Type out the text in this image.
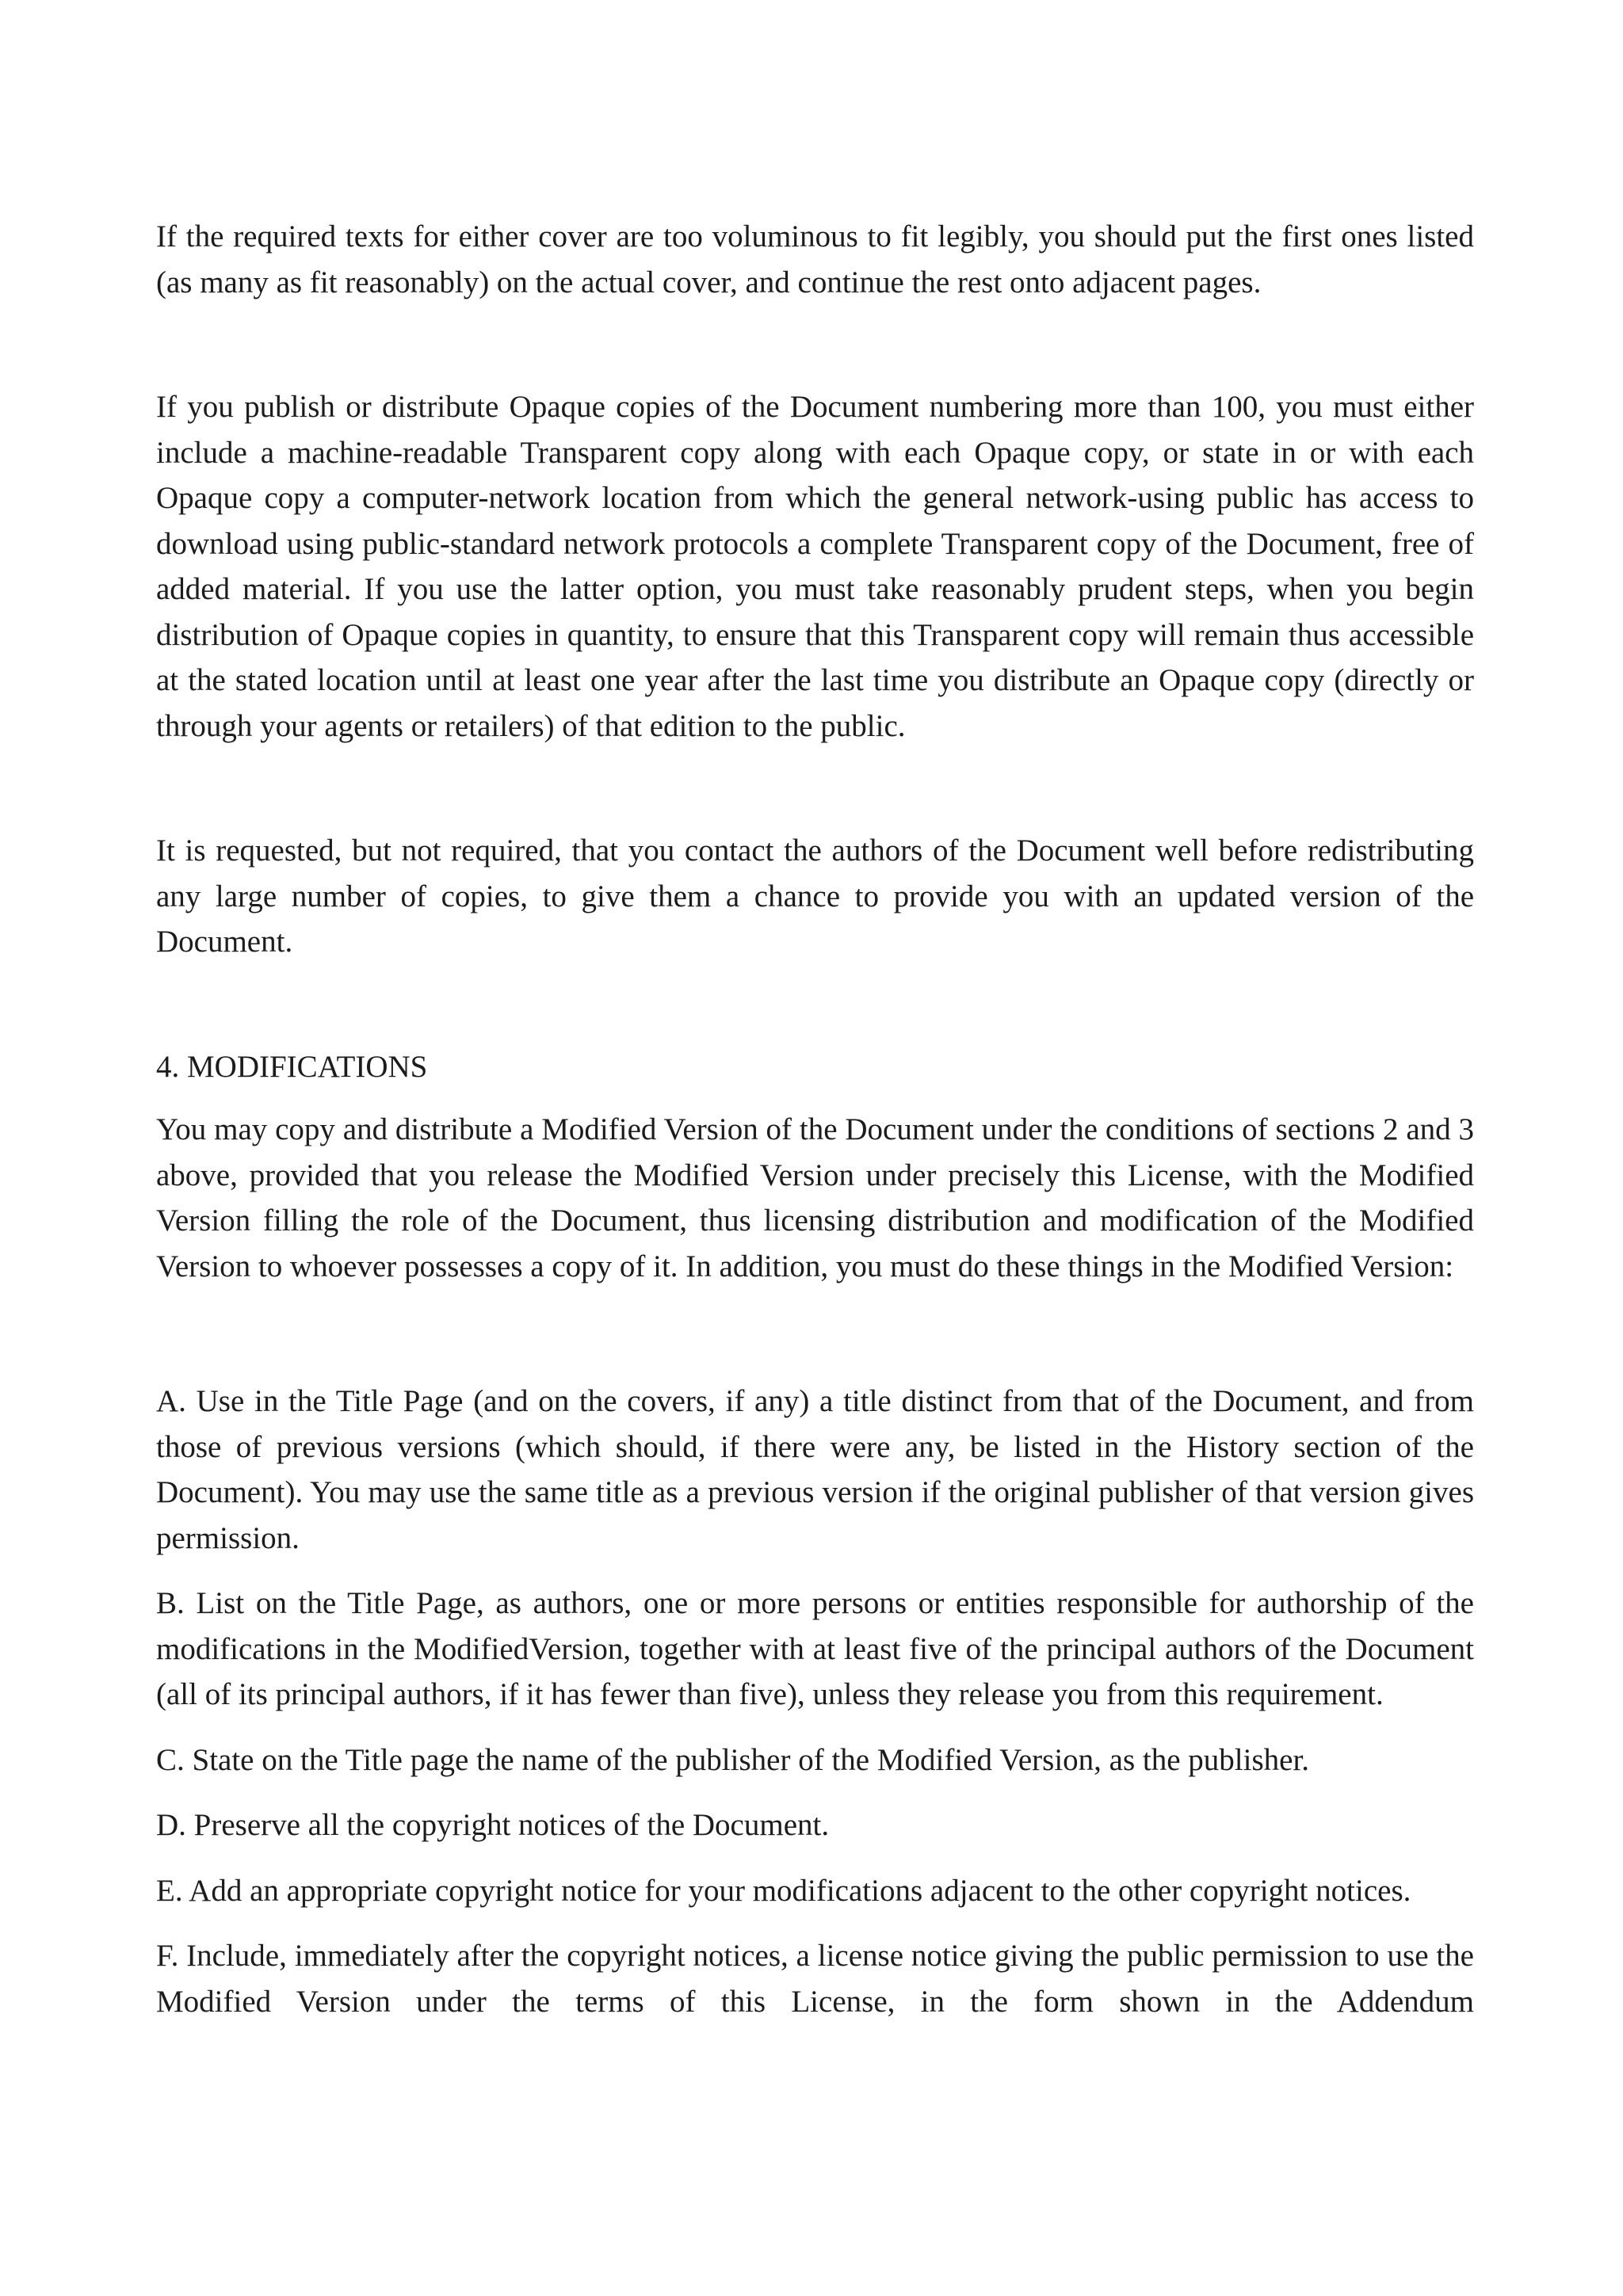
If the required texts for either cover are too voluminous to fit legibly, you should put the first ones listed (as many as fit reasonably) on the actual cover, and continue the rest onto adjacent pages.

If you publish or distribute Opaque copies of the Document numbering more than 100, you must either include a machine-readable Transparent copy along with each Opaque copy, or state in or with each Opaque copy a computer-network location from which the general network-using public has access to download using public-standard network protocols a complete Transparent copy of the Document, free of added material. If you use the latter option, you must take reasonably prudent steps, when you begin distribution of Opaque copies in quantity, to ensure that this Transparent copy will remain thus accessible at the stated location until at least one year after the last time you distribute an Opaque copy (directly or through your agents or retailers) of that edition to the public.

It is requested, but not required, that you contact the authors of the Document well before redistributing any large number of copies, to give them a chance to provide you with an updated version of the Document.

4. MODIFICATIONS

You may copy and distribute a Modified Version of the Document under the conditions of sections 2 and 3 above, provided that you release the Modified Version under precisely this License, with the Modified Version filling the role of the Document, thus licensing distribution and modification of the Modified Version to whoever possesses a copy of it. In addition, you must do these things in the Modified Version:

A. Use in the Title Page (and on the covers, if any) a title distinct from that of the Document, and from those of previous versions (which should, if there were any, be listed in the History section of the Document). You may use the same title as a previous version if the original publisher of that version gives permission.

B. List on the Title Page, as authors, one or more persons or entities responsible for authorship of the modifications in the ModifiedVersion, together with at least five of the principal authors of the Document (all of its principal authors, if it has fewer than five), unless they release you from this requirement.

C. State on the Title page the name of the publisher of the Modified Version, as the publisher.

D. Preserve all the copyright notices of the Document.

E. Add an appropriate copyright notice for your modifications adjacent to the other copyright notices.

F. Include, immediately after the copyright notices, a license notice giving the public permission to use the Modified Version under the terms of this License, in the form shown in the Addendum
